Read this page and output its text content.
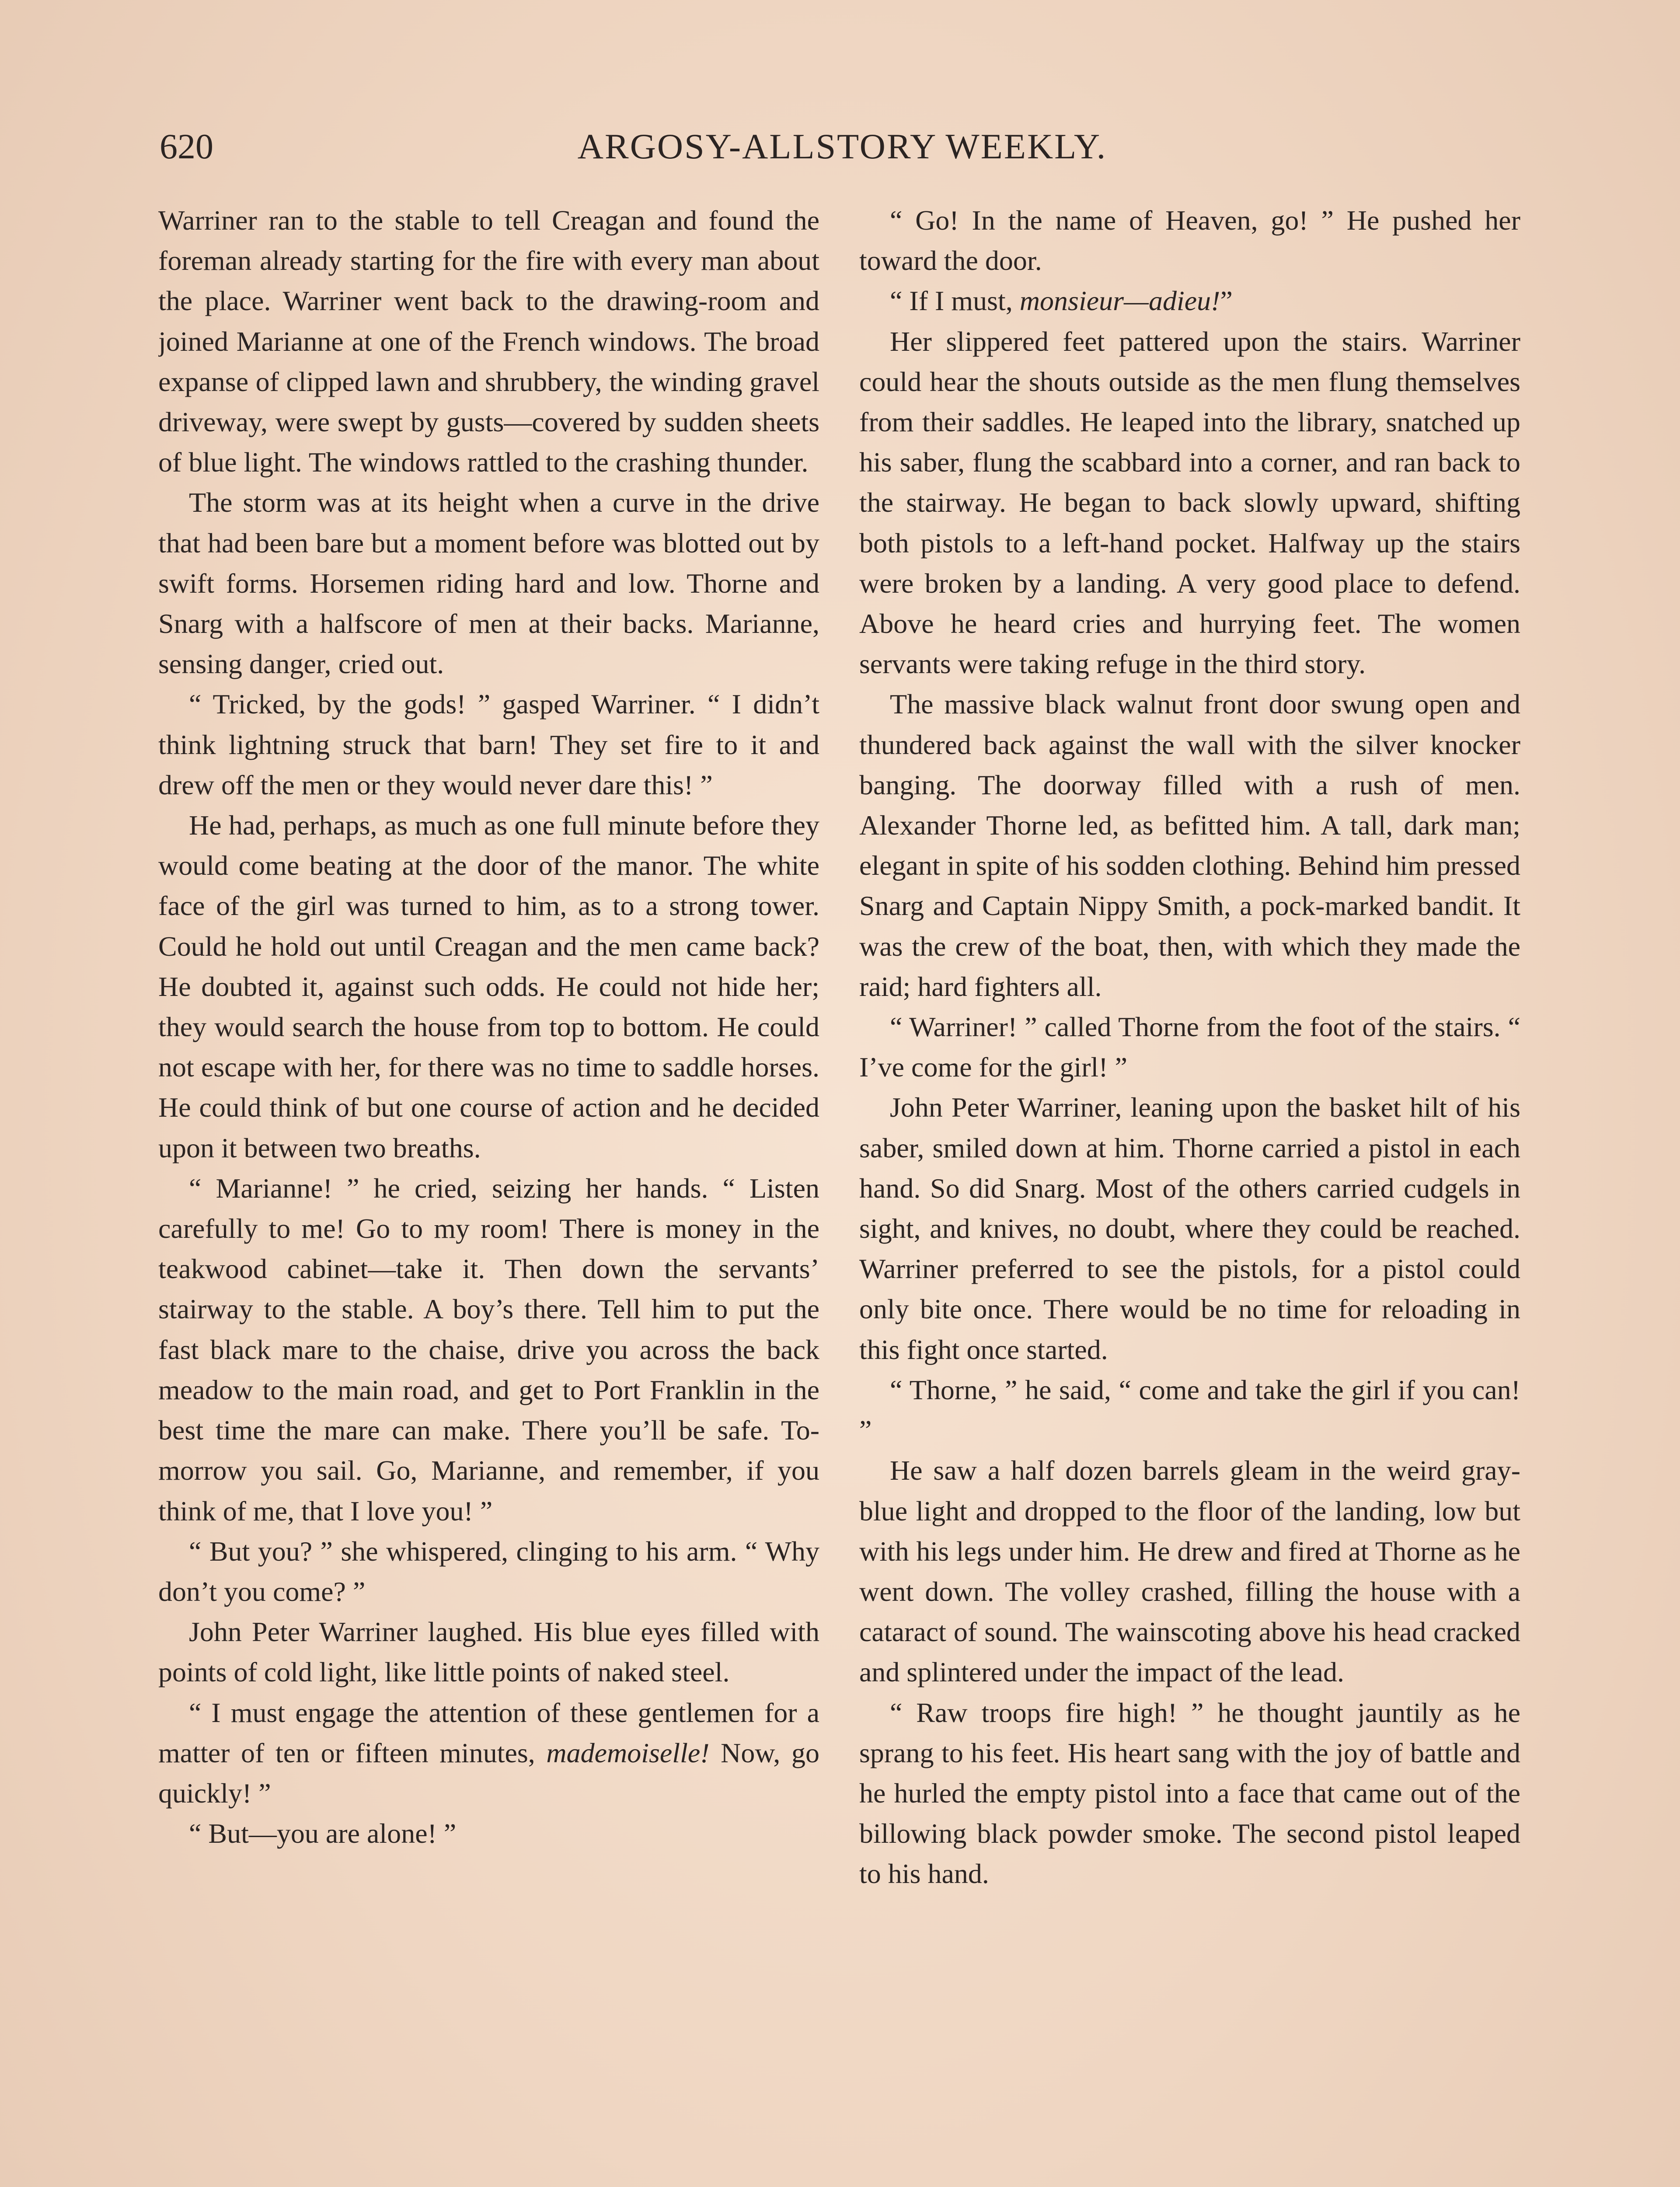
620	ARGOSY-ALLSTORY WEEKLY.

Warriner ran to the stable to tell Creagan and found the foreman already starting for the fire with every man about the place. Warriner went back to the drawing-room and joined Marianne at one of the French windows. The broad expanse of clipped lawn and shrubbery, the winding gravel driveway, were swept by gusts—covered by sudden sheets of blue light. The windows rattled to the crashing thunder.

The storm was at its height when a curve in the drive that had been bare but a moment before was blotted out by swift forms. Horsemen riding hard and low. Thorne and Snarg with a halfscore of men at their backs. Marianne, sensing danger, cried out.

“ Tricked, by the gods! ” gasped Warriner. “ I didn’t think lightning struck that barn! They set fire to it and drew off the men or they would never dare this! ”

He had, perhaps, as much as one full minute before they would come beating at the door of the manor. The white face of the girl was turned to him, as to a strong tower. Could he hold out until Creagan and the men came back? He doubted it, against such odds. He could not hide her; they would search the house from top to bottom. He could not escape with her, for there was no time to saddle horses. He could think of but one course of action and he decided upon it between two breaths.

“ Marianne! ” he cried, seizing her hands. “ Listen carefully to me! Go to my room! There is money in the teakwood cabinet—take it. Then down the servants’ stairway to the stable. A boy’s there. Tell him to put the fast black mare to the chaise, drive you across the back meadow to the main road, and get to Port Franklin in the best time the mare can make. There you’ll be safe. To-morrow you sail. Go, Marianne, and remember, if you think of me, that I love you! ”

“ But you? ” she whispered, clinging to his arm. “ Why don’t you come? ”

John Peter Warriner laughed. His blue eyes filled with points of cold light, like little points of naked steel.

“ I must engage the attention of these gentlemen for a matter of ten or fifteen minutes, mademoiselle! Now, go quickly! ”

“ But—you are alone! ”

“ Go! In the name of Heaven, go! ” He pushed her toward the door.

“ If I must, monsieur—adieu!”

Her slippered feet pattered upon the stairs. Warriner could hear the shouts outside as the men flung themselves from their saddles. He leaped into the library, snatched up his saber, flung the scabbard into a corner, and ran back to the stairway. He began to back slowly upward, shifting both pistols to a left-hand pocket. Halfway up the stairs were broken by a landing. A very good place to defend. Above he heard cries and hurrying feet. The women servants were taking refuge in the third story.

The massive black walnut front door swung open and thundered back against the wall with the silver knocker banging. The doorway filled with a rush of men. Alexander Thorne led, as befitted him. A tall, dark man; elegant in spite of his sodden clothing. Behind him pressed Snarg and Captain Nippy Smith, a pock-marked bandit. It was the crew of the boat, then, with which they made the raid; hard fighters all.

“ Warriner! ” called Thorne from the foot of the stairs. “ I’ve come for the girl! ”

John Peter Warriner, leaning upon the basket hilt of his saber, smiled down at him. Thorne carried a pistol in each hand. So did Snarg. Most of the others carried cudgels in sight, and knives, no doubt, where they could be reached. Warriner preferred to see the pistols, for a pistol could only bite once. There would be no time for reloading in this fight once started.

“ Thorne, ” he said, “ come and take the girl if you can! ”

He saw a half dozen barrels gleam in the weird gray-blue light and dropped to the floor of the landing, low but with his legs under him. He drew and fired at Thorne as he went down. The volley crashed, filling the house with a cataract of sound. The wainscoting above his head cracked and splintered under the impact of the lead.

“ Raw troops fire high! ” he thought jauntily as he sprang to his feet. His heart sang with the joy of battle and he hurled the empty pistol into a face that came out of the billowing black powder smoke. The second pistol leaped to his hand.
